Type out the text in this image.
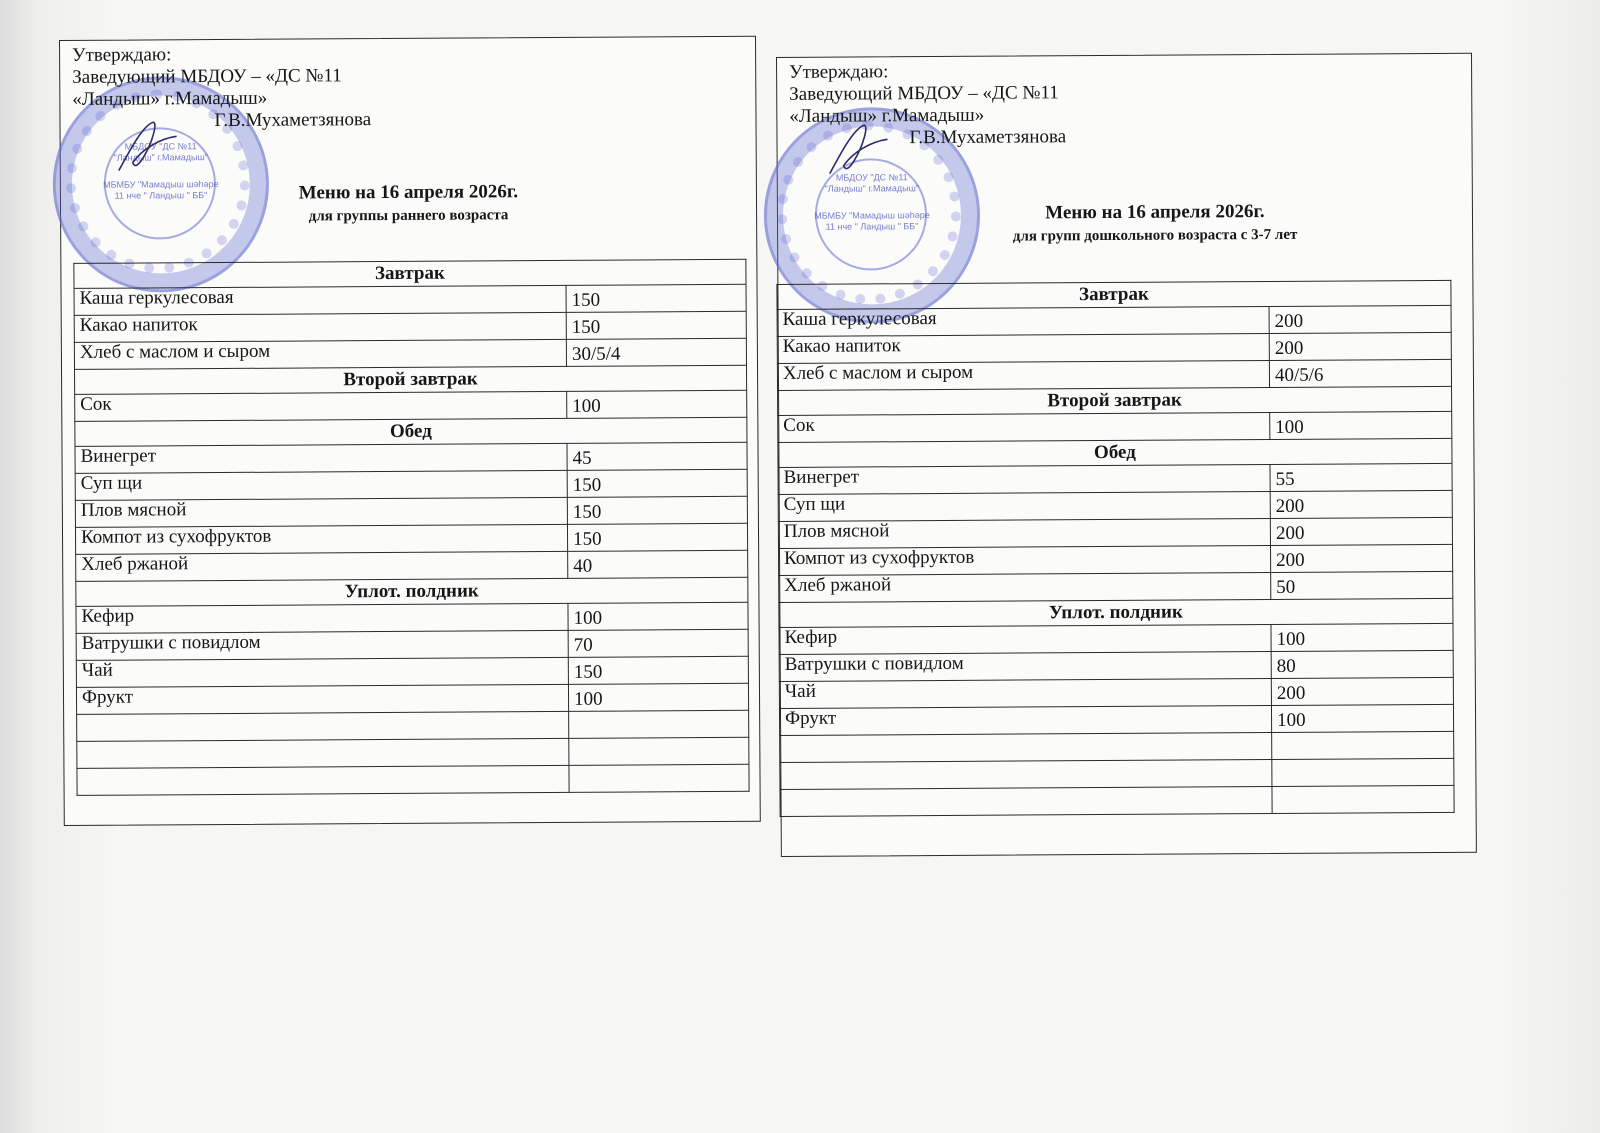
МБДОУ "ДС №11
"Ландыш" г.Мамадыш"
МБМБУ "Мамадыш шәһәре
11 нче " Ландыш " ББ"
Утверждаю:
Заведующий МБДОУ – «ДС №11
«Ландыш» г.Мамадыш»
Г.В.Мухаметзянова
Меню на 16 апреля 2026г.
для группы раннего возраста
Завтрак	
Каша геркулесовая	150
Какао напиток	150
Хлеб с маслом и сыром	30/5/4
Второй завтрак	
Сок	100
Обед	
Винегрет	45
Суп щи	150
Плов мясной	150
Компот из сухофруктов	150
Хлеб ржаной	40
Уплот. полдник	
Кефир	100
Ватрушки с повидлом	70
Чай	150
Фрукт	100

МБДОУ "ДС №11
"Ландыш" г.Мамадыш"
МБМБУ "Мамадыш шәһәре
11 нче " Ландыш " ББ"
Утверждаю:
Заведующий МБДОУ – «ДС №11
«Ландыш» г.Мамадыш»
Г.В.Мухаметзянова
Меню на 16 апреля 2026г.
для групп дошкольного возраста с 3-7 лет
Завтрак	
Каша геркулесовая	200
Какао напиток	200
Хлеб с маслом и сыром	40/5/6
Второй завтрак	
Сок	100
Обед	
Винегрет	55
Суп щи	200
Плов мясной	200
Компот из сухофруктов	200
Хлеб ржаной	50
Уплот. полдник	
Кефир	100
Ватрушки с повидлом	80
Чай	200
Фрукт	100
